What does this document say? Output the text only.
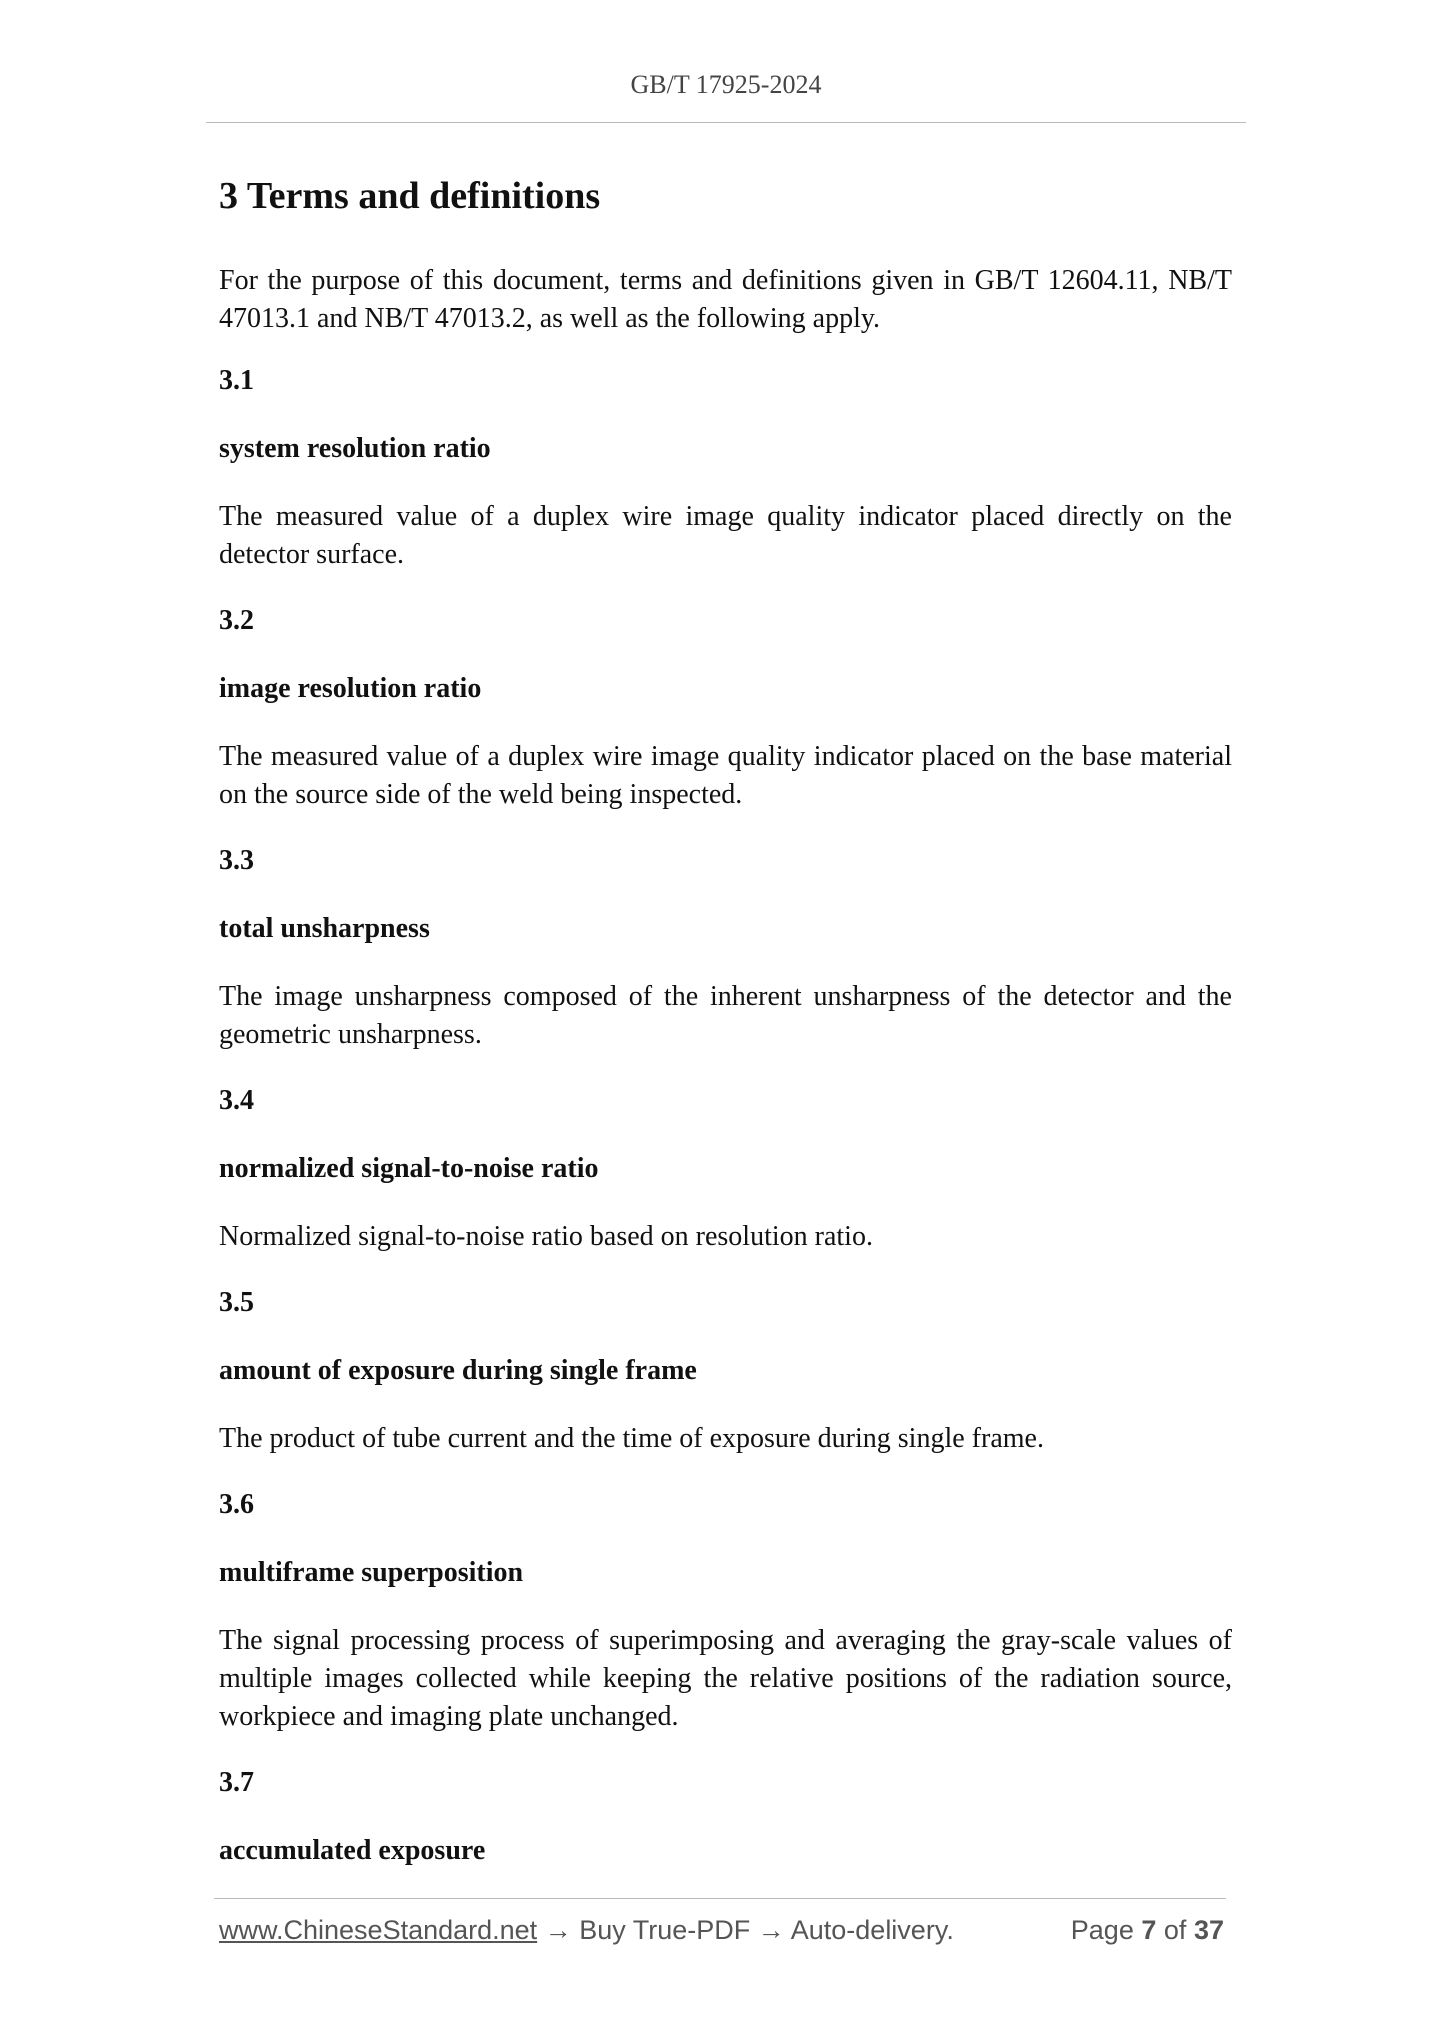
GB/T 17925-2024
3 Terms and definitions

For the purpose of this document, terms and definitions given in GB/T 12604.11, NB/T 47013.1 and NB/T 47013.2, as well as the following apply.

3.1
system resolution ratio

The measured value of a duplex wire image quality indicator placed directly on the detector surface.

3.2
image resolution ratio

The measured value of a duplex wire image quality indicator placed on the base material on the source side of the weld being inspected.

3.3
total unsharpness

The image unsharpness composed of the inherent unsharpness of the detector and the geometric unsharpness.

3.4
normalized signal-to-noise ratio

Normalized signal-to-noise ratio based on resolution ratio.

3.5
amount of exposure during single frame

The product of tube current and the time of exposure during single frame.

3.6
multiframe superposition

The signal processing process of superimposing and averaging the gray-scale values of multiple images collected while keeping the relative positions of the radiation source, workpiece and imaging plate unchanged.

3.7
accumulated exposure
www.ChineseStandard.net → Buy True-PDF → Auto-delivery.	Page 7 of 37
